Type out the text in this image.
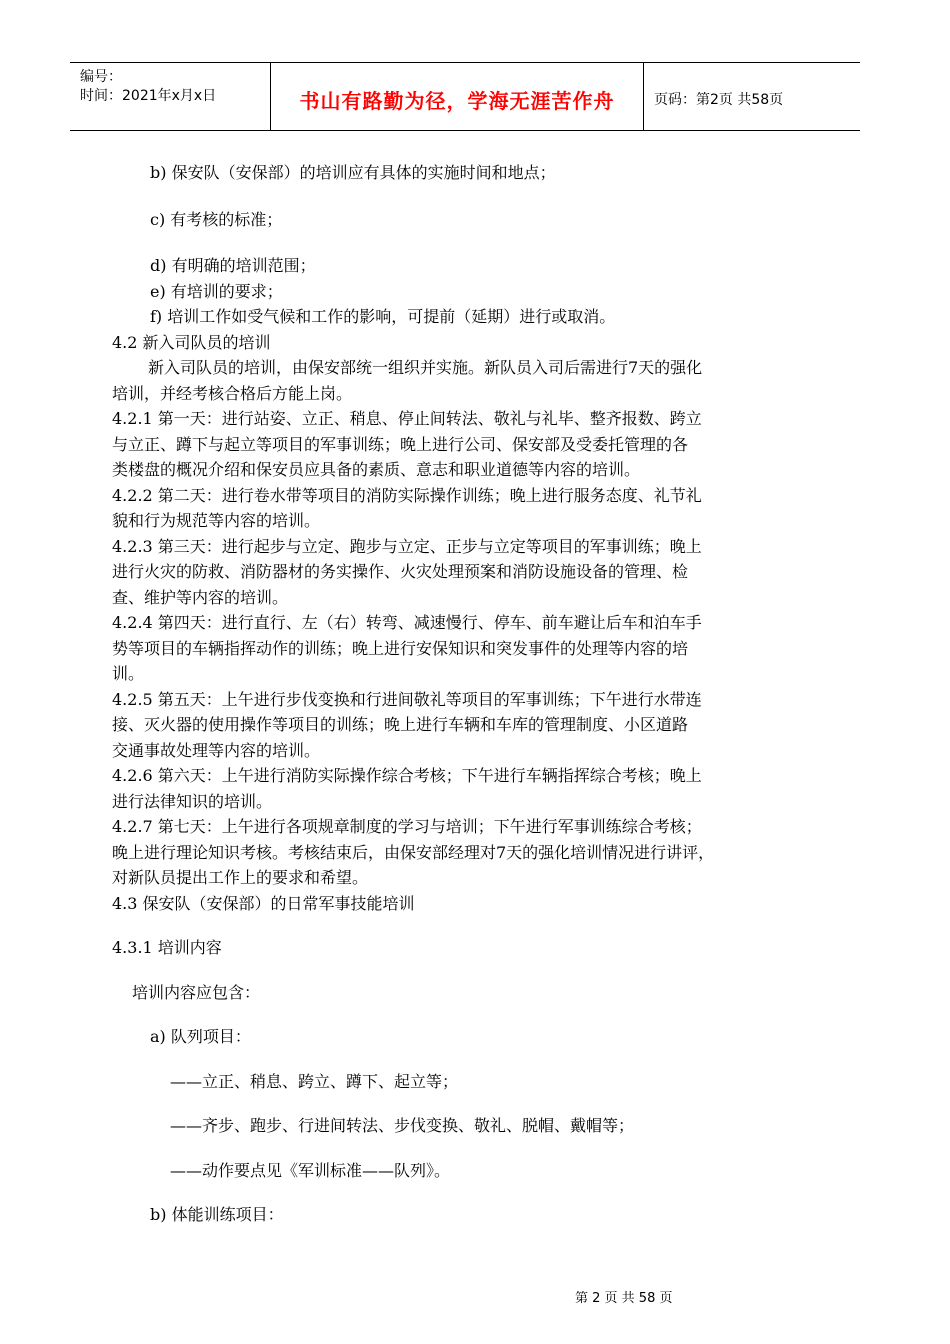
编号：
时间：2021年x月x日	书山有路勤为径，学海无涯苦作舟	页码：第2页 共58页

b) 保安队（安保部）的培训应有具体的实施时间和地点；

c) 有考核的标准；

d) 有明确的培训范围；

e) 有培训的要求；

f) 培训工作如受气候和工作的影响，可提前（延期）进行或取消。

4.2 新入司队员的培训

新入司队员的培训，由保安部统一组织并实施。新队员入司后需进行7天的强化

培训，并经考核合格后方能上岗。

4.2.1 第一天：进行站姿、立正、稍息、停止间转法、敬礼与礼毕、整齐报数、跨立

与立正、蹲下与起立等项目的军事训练；晚上进行公司、保安部及受委托管理的各

类楼盘的概况介绍和保安员应具备的素质、意志和职业道德等内容的培训。

4.2.2 第二天：进行卷水带等项目的消防实际操作训练；晚上进行服务态度、礼节礼

貌和行为规范等内容的培训。

4.2.3 第三天：进行起步与立定、跑步与立定、正步与立定等项目的军事训练；晚上

进行火灾的防救、消防器材的务实操作、火灾处理预案和消防设施设备的管理、检

查、维护等内容的培训。

4.2.4 第四天：进行直行、左（右）转弯、减速慢行、停车、前车避让后车和泊车手

势等项目的车辆指挥动作的训练；晚上进行安保知识和突发事件的处理等内容的培

训。

4.2.5 第五天：上午进行步伐变换和行进间敬礼等项目的军事训练；下午进行水带连

接、灭火器的使用操作等项目的训练；晚上进行车辆和车库的管理制度、小区道路

交通事故处理等内容的培训。

4.2.6 第六天：上午进行消防实际操作综合考核；下午进行车辆指挥综合考核；晚上

进行法律知识的培训。

4.2.7 第七天：上午进行各项规章制度的学习与培训；下午进行军事训练综合考核；

晚上进行理论知识考核。考核结束后，由保安部经理对7天的强化培训情况进行讲评，

对新队员提出工作上的要求和希望。

4.3 保安队（安保部）的日常军事技能培训

4.3.1 培训内容

培训内容应包含：

a) 队列项目：

——立正、稍息、跨立、蹲下、起立等；

——齐步、跑步、行进间转法、步伐变换、敬礼、脱帽、戴帽等；

——动作要点见《军训标准——队列》。

b) 体能训练项目：

第 2 页 共 58 页
